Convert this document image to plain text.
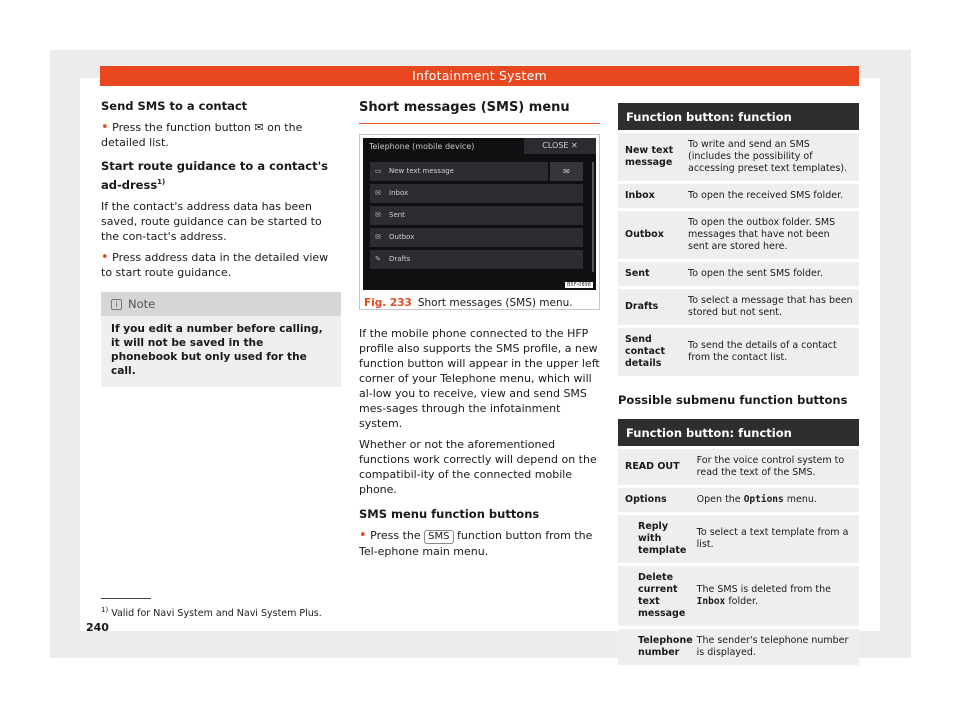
Infotainment System
Send SMS to a contact
• Press the function button ✉ on the detailed list.
Start route guidance to a contact's ad-dress$^{1)}$
If the contact's address data has been saved, route guidance can be started to the con-tact's address.
• Press address data in the detailed view to start route guidance.
i Note
If you edit a number before calling, it will not be saved in the phonebook but only used for the call.
Short messages (SMS) menu
Telephone (mobile device)	CLOSE ✕
▭ New text message	✉
✉ Inbox
✉ Sent
✉ Outbox
✎ Drafts
B5F-0898
Fig. 233 Short messages (SMS) menu.
If the mobile phone connected to the HFP profile also supports the SMS profile, a new function button will appear in the upper left corner of your Telephone menu, which will al-low you to receive, view and send SMS mes-sages through the infotainment system.
Whether or not the aforementioned functions work correctly will depend on the compatibil-ity of the connected mobile phone.
SMS menu function buttons
• Press the SMS function button from the Tel-ephone main menu.
Function button: function	
New text message	To write and send an SMS (includes the possibility of accessing preset text templates).
Inbox	To open the received SMS folder.
Outbox	To open the outbox folder. SMS messages that have not been sent are stored here.
Sent	To open the sent SMS folder.
Drafts	To select a message that has been stored but not sent.
Send contact details	To send the details of a contact from the contact list.
Possible submenu function buttons
Function button: function		
READ OUT		For the voice control system to read the text of the SMS.
Options		Open the Options menu.
	Reply with template	To select a text template from a list.
	Delete current text message	The SMS is deleted from the Inbox folder.
	Telephone number	The sender's telephone number is displayed.
$^{1)}$ Valid for Navi System and Navi System Plus.
240
